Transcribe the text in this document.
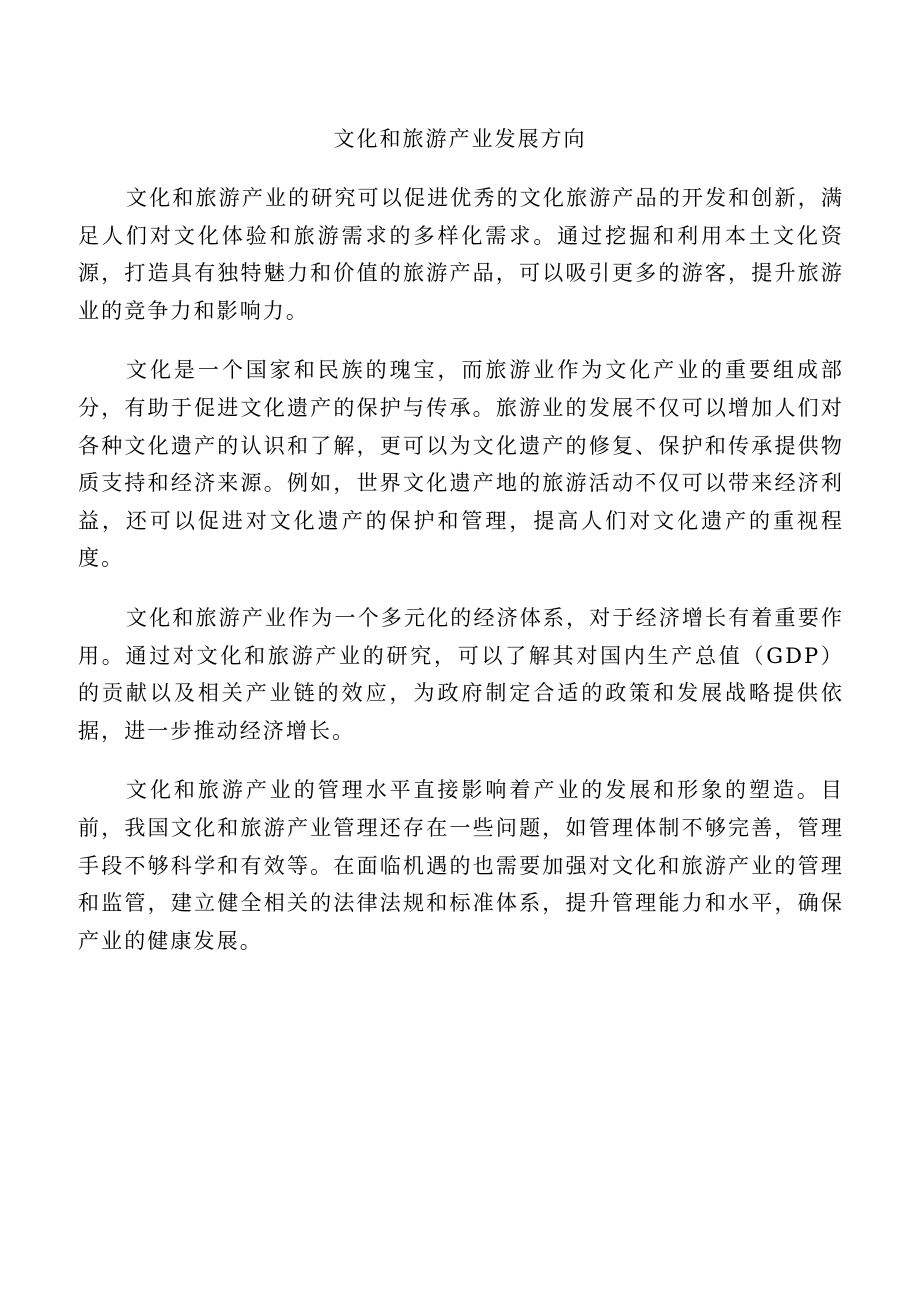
文化和旅游产业发展方向

文化和旅游产业的研究可以促进优秀的文化旅游产品的开发和创新，满足人们对文化体验和旅游需求的多样化需求。通过挖掘和利用本土文化资源，打造具有独特魅力和价值的旅游产品，可以吸引更多的游客，提升旅游业的竞争力和影响力。

文化是一个国家和民族的瑰宝，而旅游业作为文化产业的重要组成部分，有助于促进文化遗产的保护与传承。旅游业的发展不仅可以增加人们对各种文化遗产的认识和了解，更可以为文化遗产的修复、保护和传承提供物质支持和经济来源。例如，世界文化遗产地的旅游活动不仅可以带来经济利益，还可以促进对文化遗产的保护和管理，提高人们对文化遗产的重视程度。

文化和旅游产业作为一个多元化的经济体系，对于经济增长有着重要作用。通过对文化和旅游产业的研究，可以了解其对国内生产总值（GDP）的贡献以及相关产业链的效应，为政府制定合适的政策和发展战略提供依据，进一步推动经济增长。

文化和旅游产业的管理水平直接影响着产业的发展和形象的塑造。目前，我国文化和旅游产业管理还存在一些问题，如管理体制不够完善，管理手段不够科学和有效等。在面临机遇的也需要加强对文化和旅游产业的管理和监管，建立健全相关的法律法规和标准体系，提升管理能力和水平，确保产业的健康发展。
